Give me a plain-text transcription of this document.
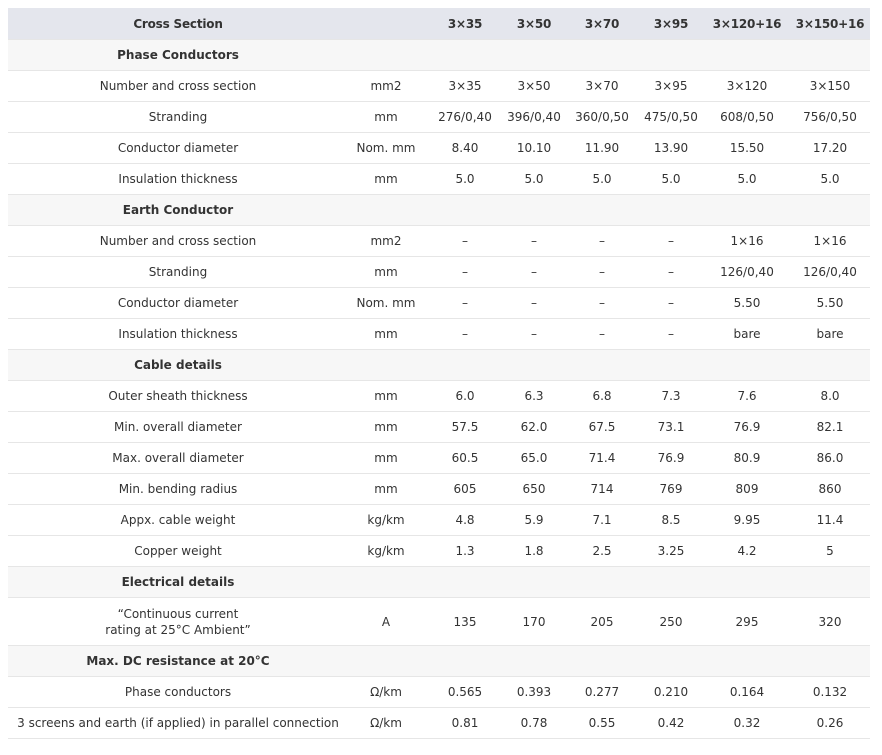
Cross Section		3×35	3×50	3×70	3×95	3×120+16	3×150+16
Phase Conductors							
Number and cross section	mm2	3×35	3×50	3×70	3×95	3×120	3×150
Stranding	mm	276/0,40	396/0,40	360/0,50	475/0,50	608/0,50	756/0,50
Conductor diameter	Nom. mm	8.40	10.10	11.90	13.90	15.50	17.20
Insulation thickness	mm	5.0	5.0	5.0	5.0	5.0	5.0
Earth Conductor							
Number and cross section	mm2	–	–	–	–	1×16	1×16
Stranding	mm	–	–	–	–	126/0,40	126/0,40
Conductor diameter	Nom. mm	–	–	–	–	5.50	5.50
Insulation thickness	mm	–	–	–	–	bare	bare
Cable details							
Outer sheath thickness	mm	6.0	6.3	6.8	7.3	7.6	8.0
Min. overall diameter	mm	57.5	62.0	67.5	73.1	76.9	82.1
Max. overall diameter	mm	60.5	65.0	71.4	76.9	80.9	86.0
Min. bending radius	mm	605	650	714	769	809	860
Appx. cable weight	kg/km	4.8	5.9	7.1	8.5	9.95	11.4
Copper weight	kg/km	1.3	1.8	2.5	3.25	4.2	5
Electrical details							
“Continuous current
rating at 25°C Ambient”	A	135	170	205	250	295	320
Max. DC resistance at 20°C							
Phase conductors	Ω/km	0.565	0.393	0.277	0.210	0.164	0.132
3 screens and earth (if applied) in parallel connection	Ω/km	0.81	0.78	0.55	0.42	0.32	0.26
